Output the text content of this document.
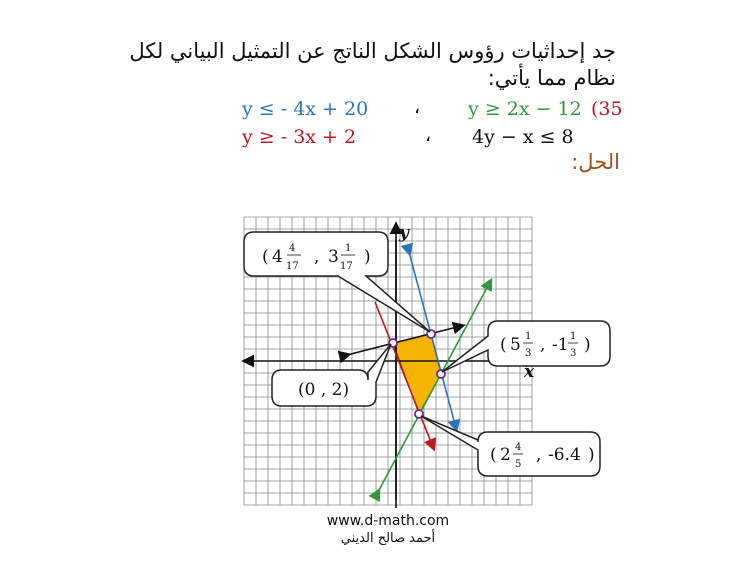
جد إحداثيات رؤوس الشكل الناتج عن التمثيل البياني لكل
نظام مما يأتي:
(35
y ≥ 2x − 12
،
y ≤ - 4x + 20
4y − x ≤ 8
،
y ≥ - 3x + 2
الحل:
y
x
( 4 4
17 , 3 1
17 )
( 5 1
3 , -1 1
3 )
(0 , 2)
( 2 4
5 , -6.4 )
www.d-math.com
أحمد صالح الديني
